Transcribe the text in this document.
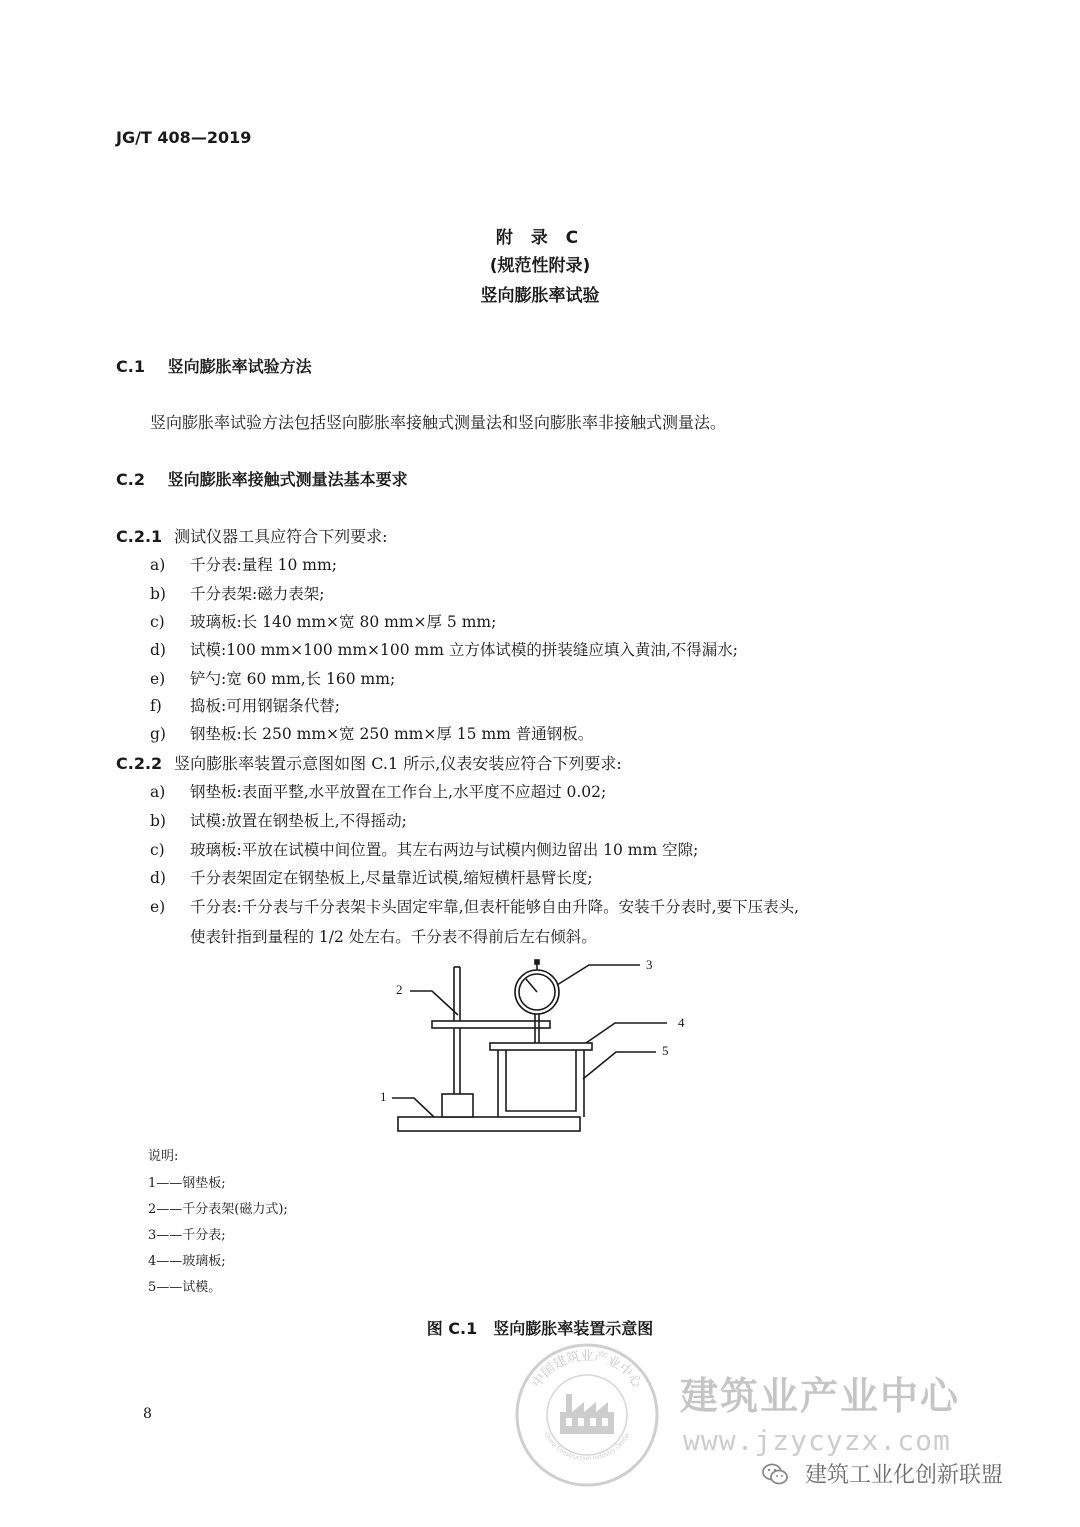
JG/T 408—2019
附 录 C
(规范性附录)
竖向膨胀率试验
C.1 竖向膨胀率试验方法
竖向膨胀率试验方法包括竖向膨胀率接触式测量法和竖向膨胀率非接触式测量法。
C.2 竖向膨胀率接触式测量法基本要求
C.2.1 测试仪器工具应符合下列要求:
a) 千分表:量程 10 mm;
b) 千分表架:磁力表架;
c) 玻璃板:长 140 mm×宽 80 mm×厚 5 mm;
d) 试模:100 mm×100 mm×100 mm 立方体试模的拼装缝应填入黄油,不得漏水;
e) 铲勺:宽 60 mm,长 160 mm;
f) 捣板:可用钢锯条代替;
g) 钢垫板:长 250 mm×宽 250 mm×厚 15 mm 普通钢板。
C.2.2 竖向膨胀率装置示意图如图 C.1 所示,仪表安装应符合下列要求:
a) 钢垫板:表面平整,水平放置在工作台上,水平度不应超过 0.02;
b) 试模:放置在钢垫板上,不得摇动;
c) 玻璃板:平放在试模中间位置。其左右两边与试模内侧边留出 10 mm 空隙;
d) 千分表架固定在钢垫板上,尽量靠近试模,缩短横杆悬臂长度;
e) 千分表:千分表与千分表架卡头固定牢靠,但表杆能够自由升降。安装千分表时,要下压表头,
使表针指到量程的 1/2 处左右。千分表不得前后左右倾斜。
1
2
3
4
5
说明:
1——钢垫板;
2——千分表架(磁力式);
3——千分表;
4——玻璃板;
5——试模。
图 C.1 竖向膨胀率装置示意图
8
中国建筑业产业中心
China Construction Industry Center
建筑业产业中心
www.jzycyzx.com
建筑工业化创新联盟
